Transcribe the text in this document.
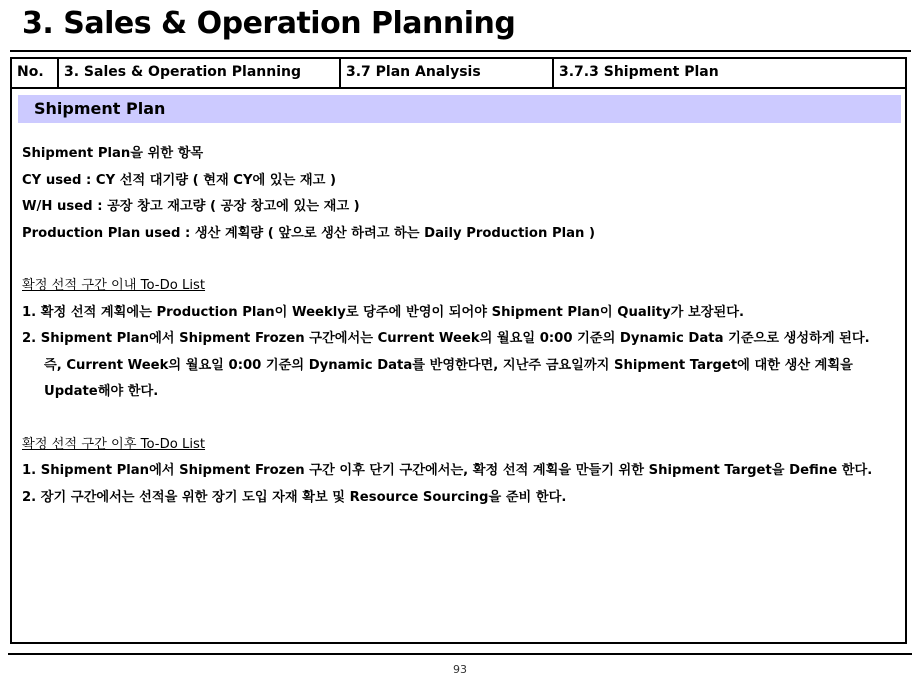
3. Sales & Operation Planning
No.	3. Sales & Operation Planning	3.7 Plan Analysis	3.7.3 Shipment Plan
Shipment Plan

Shipment Plan을 위한 항목

CY used : CY 선적 대기량 ( 현재 CY에 있는 재고 )

W/H used : 공장 창고 재고량 ( 공장 창고에 있는 재고 )

Production Plan used : 생산 계획량 ( 앞으로 생산 하려고 하는 Daily Production Plan )

확정 선적 구간 이내 To-Do List

1. 확정 선적 계획에는 Production Plan이 Weekly로 당주에 반영이 되어야 Shipment Plan이 Quality가 보장된다.

2. Shipment Plan에서 Shipment Frozen 구간에서는 Current Week의 월요일 0:00 기준의 Dynamic Data 기준으로 생성하게 된다.

즉, Current Week의 월요일 0:00 기준의 Dynamic Data를 반영한다면, 지난주 금요일까지 Shipment Target에 대한 생산 계획을

Update해야 한다.

확정 선적 구간 이후 To-Do List

1. Shipment Plan에서 Shipment Frozen 구간 이후 단기 구간에서는, 확정 선적 계획을 만들기 위한 Shipment Target을 Define 한다.

2. 장기 구간에서는 선적을 위한 장기 도입 자재 확보 및 Resource Sourcing을 준비 한다.

93
